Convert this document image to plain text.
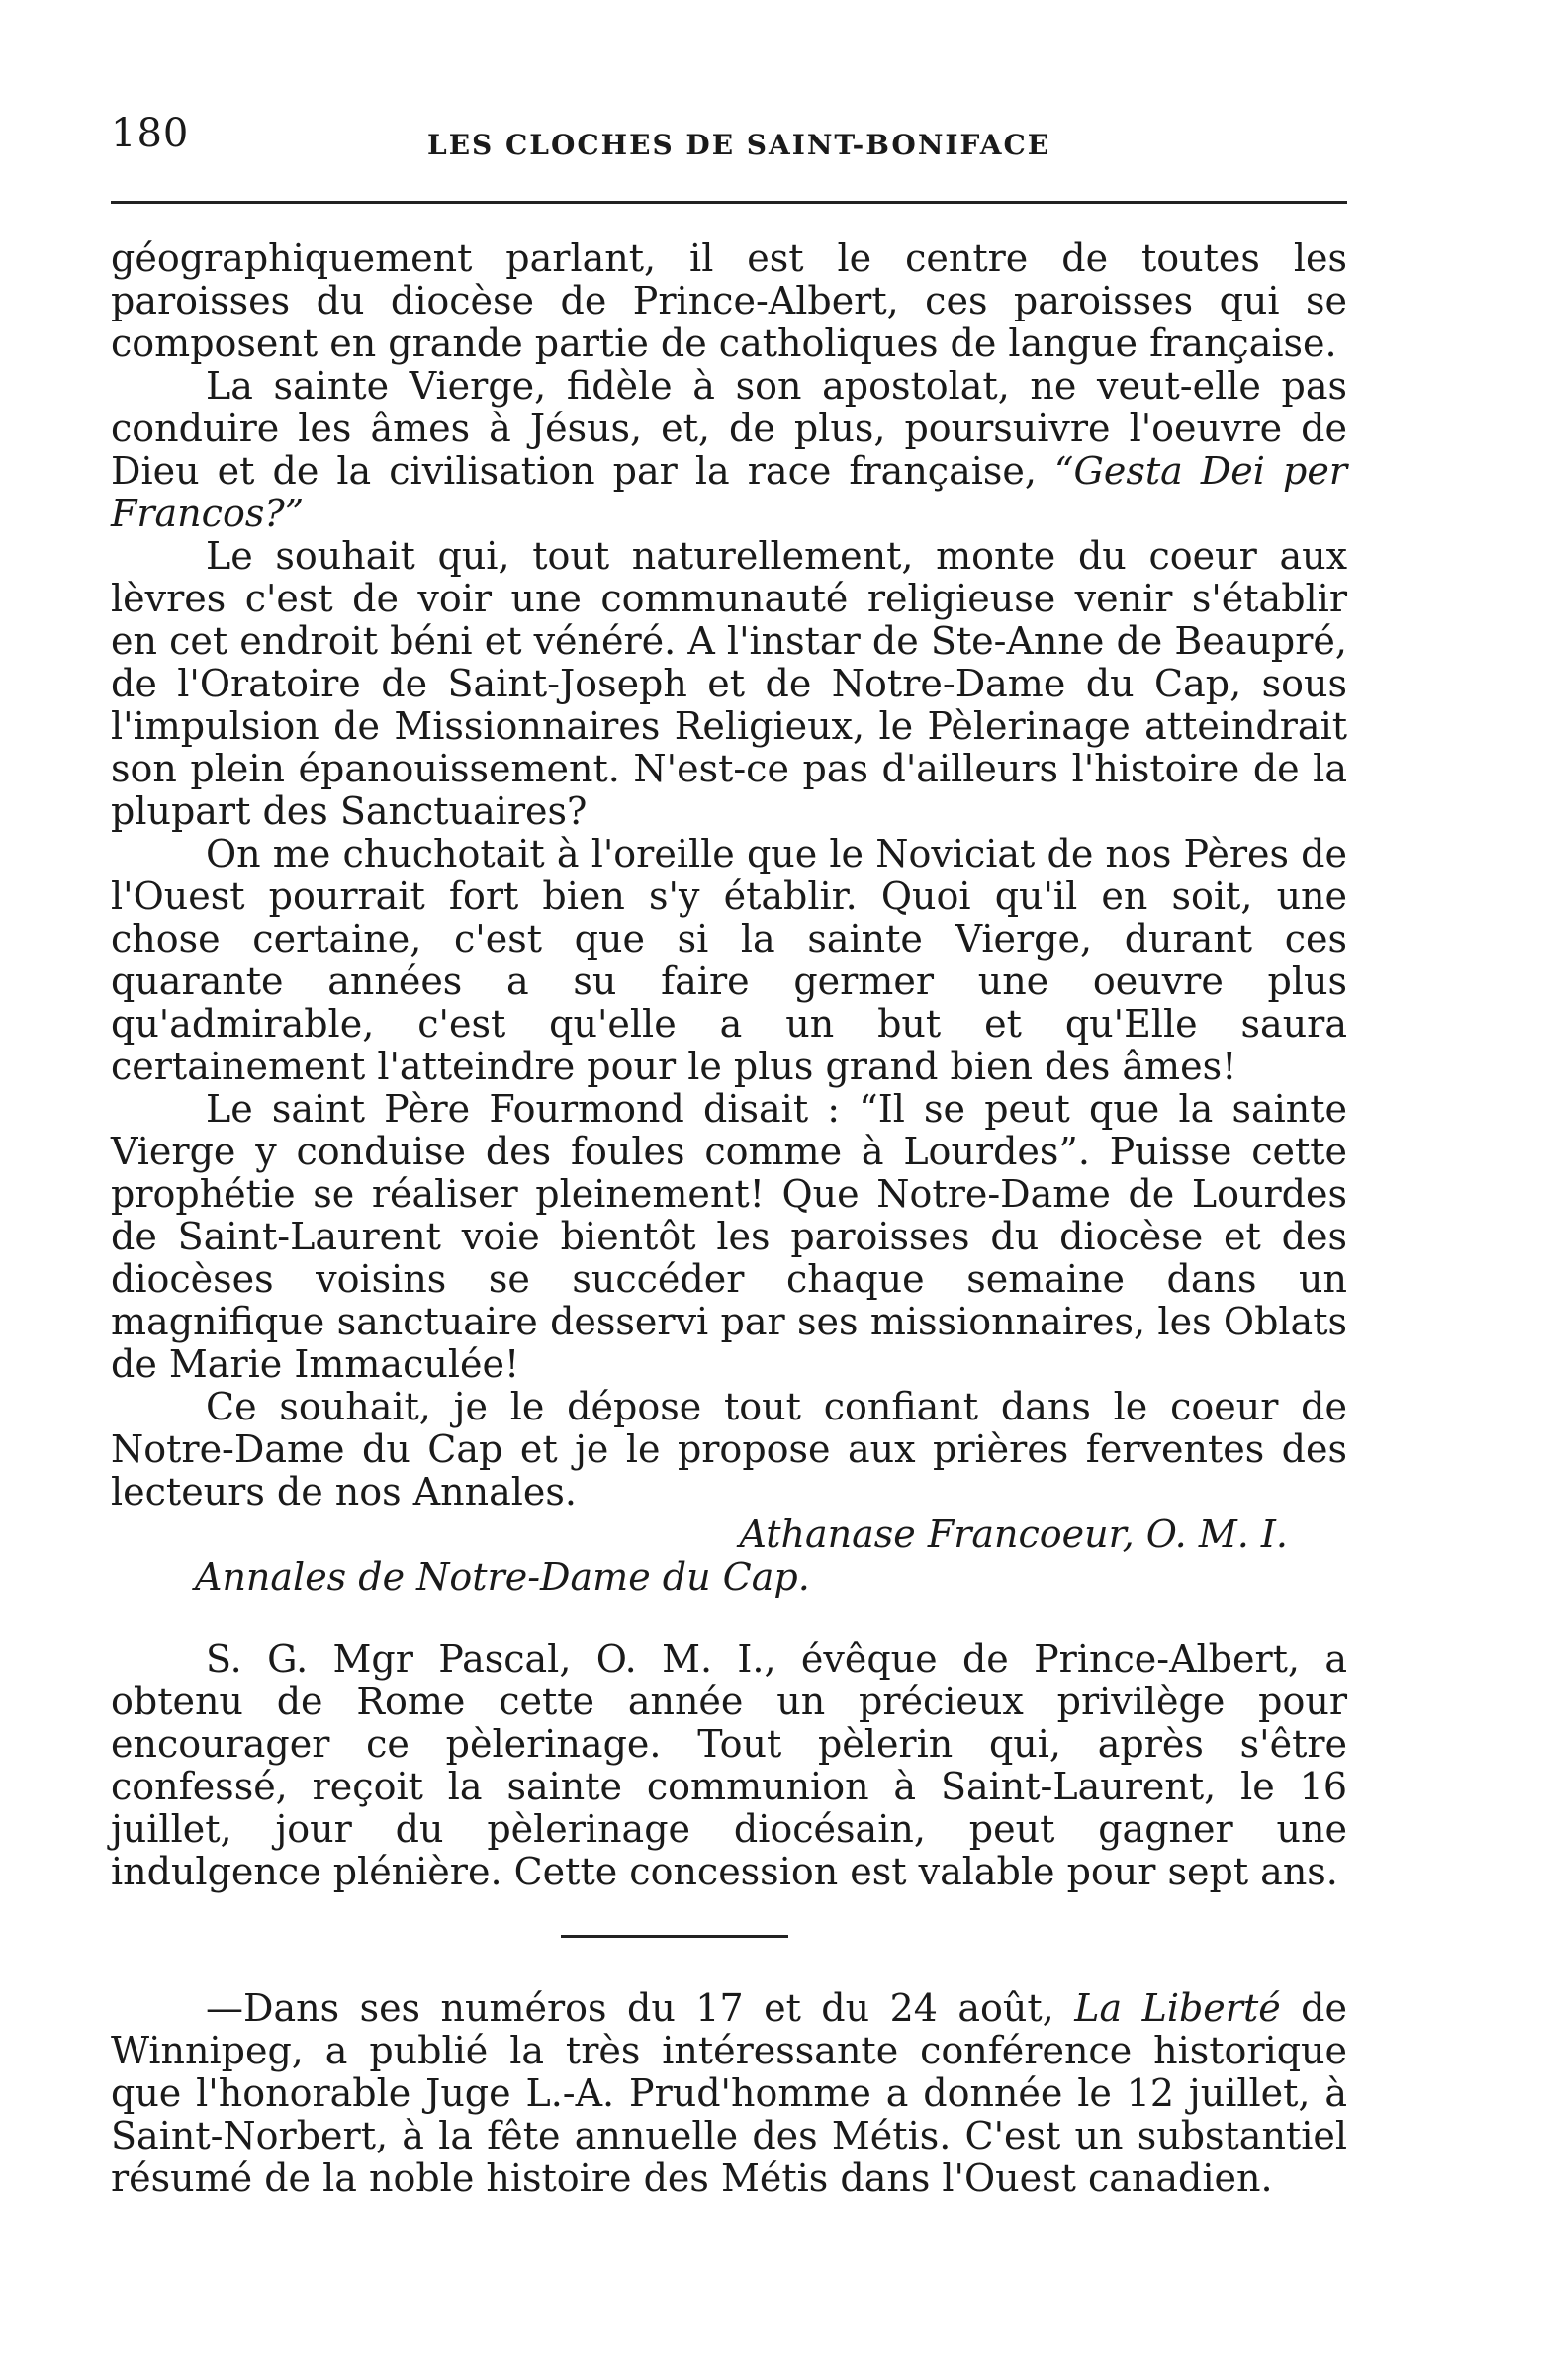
180	LES CLOCHES DE SAINT-BONIFACE

géographiquement parlant, il est le centre de toutes les paroisses du diocèse de Prince-Albert, ces paroisses qui se composent en grande partie de catholiques de langue française.

La sainte Vierge, fidèle à son apostolat, ne veut-elle pas conduire les âmes à Jésus, et, de plus, poursuivre l'oeuvre de Dieu et de la civilisation par la race française, “Gesta Dei per Francos?”

Le souhait qui, tout naturellement, monte du coeur aux lèvres c'est de voir une communauté religieuse venir s'établir en cet endroit béni et vénéré. A l'instar de Ste-Anne de Beaupré, de l'Oratoire de Saint-Joseph et de Notre-Dame du Cap, sous l'impulsion de Missionnaires Religieux, le Pèlerinage atteindrait son plein épanouissement. N'est-ce pas d'ailleurs l'histoire de la plupart des Sanctuaires?

On me chuchotait à l'oreille que le Noviciat de nos Pères de l'Ouest pourrait fort bien s'y établir. Quoi qu'il en soit, une chose certaine, c'est que si la sainte Vierge, durant ces quarante années a su faire germer une oeuvre plus qu'admirable, c'est qu'elle a un but et qu'Elle saura certainement l'atteindre pour le plus grand bien des âmes!

Le saint Père Fourmond disait : “Il se peut que la sainte Vierge y conduise des foules comme à Lourdes”. Puisse cette prophétie se réaliser pleinement! Que Notre-Dame de Lourdes de Saint-Laurent voie bientôt les paroisses du diocèse et des diocèses voisins se succéder chaque semaine dans un magnifique sanctuaire desservi par ses missionnaires, les Oblats de Marie Immaculée!

Ce souhait, je le dépose tout confiant dans le coeur de Notre-Dame du Cap et je le propose aux prières ferventes des lecteurs de nos Annales.

Athanase Francoeur, O. M. I.

Annales de Notre-Dame du Cap.

S. G. Mgr Pascal, O. M. I., évêque de Prince-Albert, a obtenu de Rome cette année un précieux privilège pour encourager ce pèlerinage. Tout pèlerin qui, après s'être confessé, reçoit la sainte communion à Saint-Laurent, le 16 juillet, jour du pèlerinage diocésain, peut gagner une indulgence plénière. Cette concession est valable pour sept ans.

—Dans ses numéros du 17 et du 24 août, La Liberté de Winnipeg, a publié la très intéressante conférence historique que l'honorable Juge L.-A. Prud'homme a donnée le 12 juillet, à Saint-Norbert, à la fête annuelle des Métis. C'est un substantiel résumé de la noble histoire des Métis dans l'Ouest canadien.
